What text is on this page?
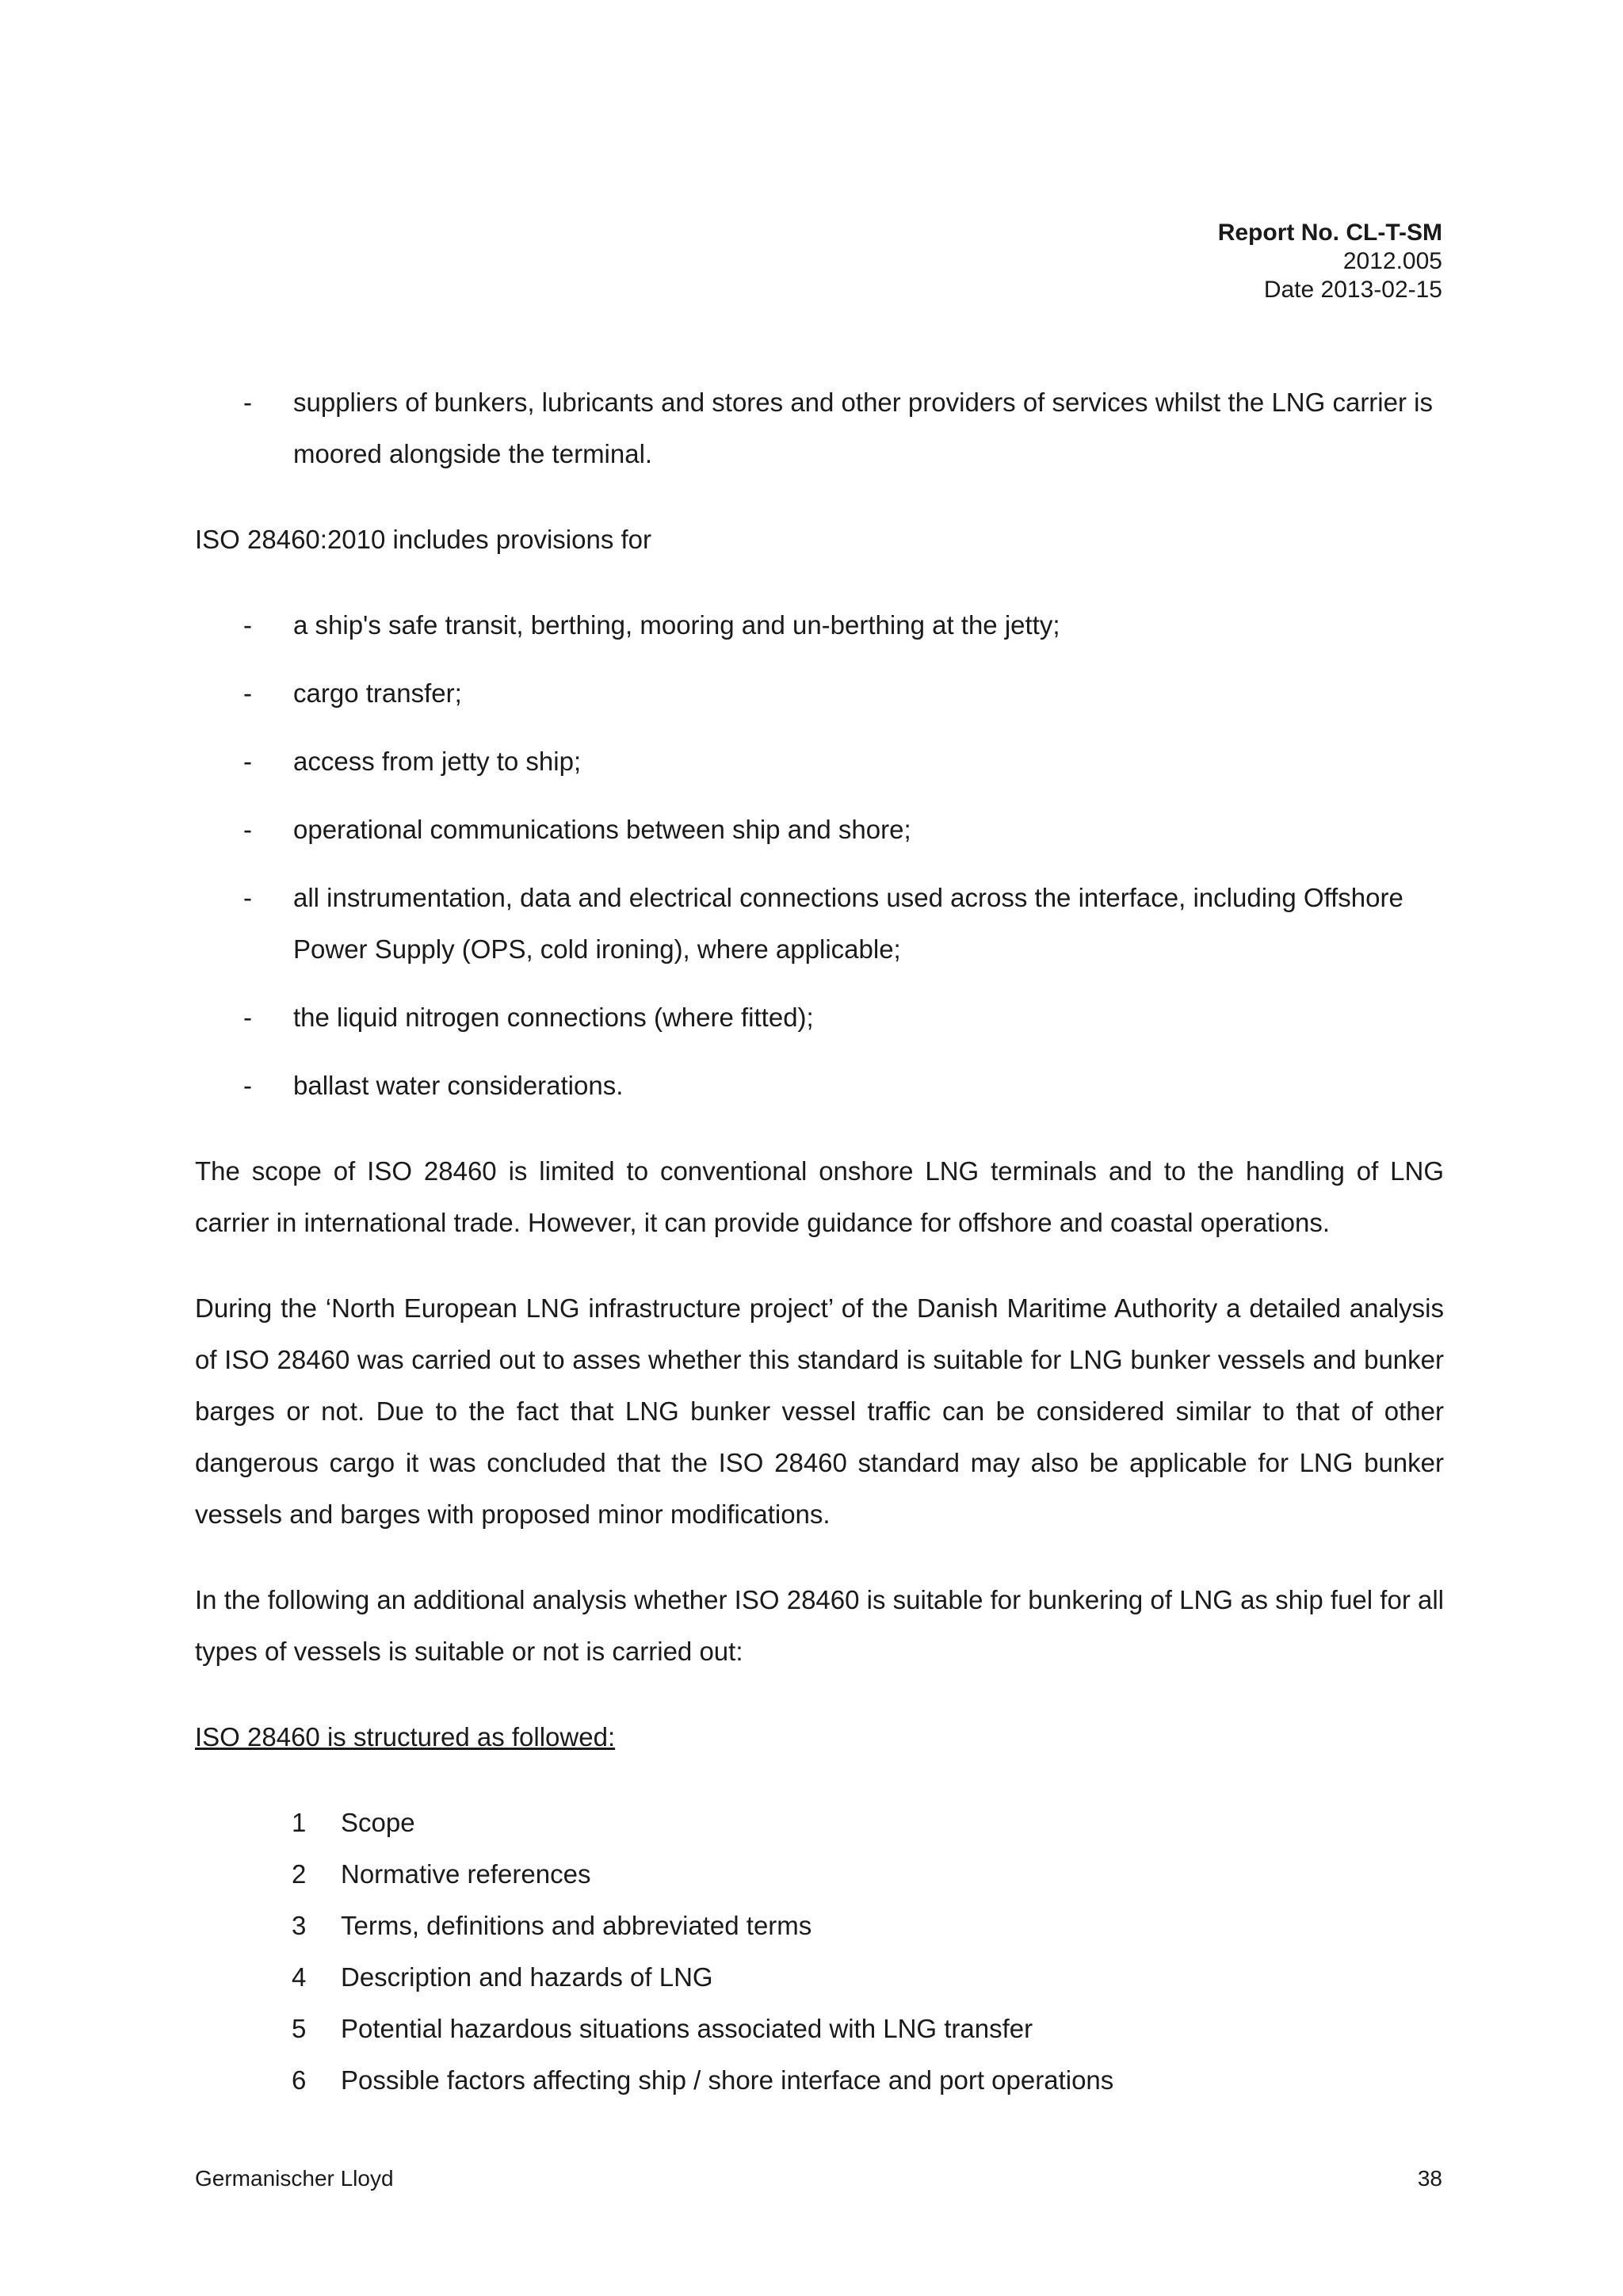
Report No. CL-T-SM
2012.005
Date 2013-02-15
- suppliers of bunkers, lubricants and stores and other providers of services whilst the LNG carrier is moored alongside the terminal.

ISO 28460:2010 includes provisions for

- a ship's safe transit, berthing, mooring and un-berthing at the jetty;
- cargo transfer;
- access from jetty to ship;
- operational communications between ship and shore;
- all instrumentation, data and electrical connections used across the interface, including Offshore Power Supply (OPS, cold ironing), where applicable;
- the liquid nitrogen connections (where fitted);
- ballast water considerations.

The scope of ISO 28460 is limited to conventional onshore LNG terminals and to the handling of LNG carrier in international trade. However, it can provide guidance for offshore and coastal operations.

During the ‘North European LNG infrastructure project’ of the Danish Maritime Authority a detailed analysis of ISO 28460 was carried out to asses whether this standard is suitable for LNG bunker vessels and bunker barges or not. Due to the fact that LNG bunker vessel traffic can be considered similar to that of other dangerous cargo it was concluded that the ISO 28460 standard may also be applicable for LNG bunker vessels and barges with proposed minor modifications.

In the following an additional analysis whether ISO 28460 is suitable for bunkering of LNG as ship fuel for all types of vessels is suitable or not is carried out:

ISO 28460 is structured as followed:
1 Scope
2 Normative references
3 Terms, definitions and abbreviated terms
4 Description and hazards of LNG
5 Potential hazardous situations associated with LNG transfer
6 Possible factors affecting ship / shore interface and port operations
Germanischer Lloyd	38
